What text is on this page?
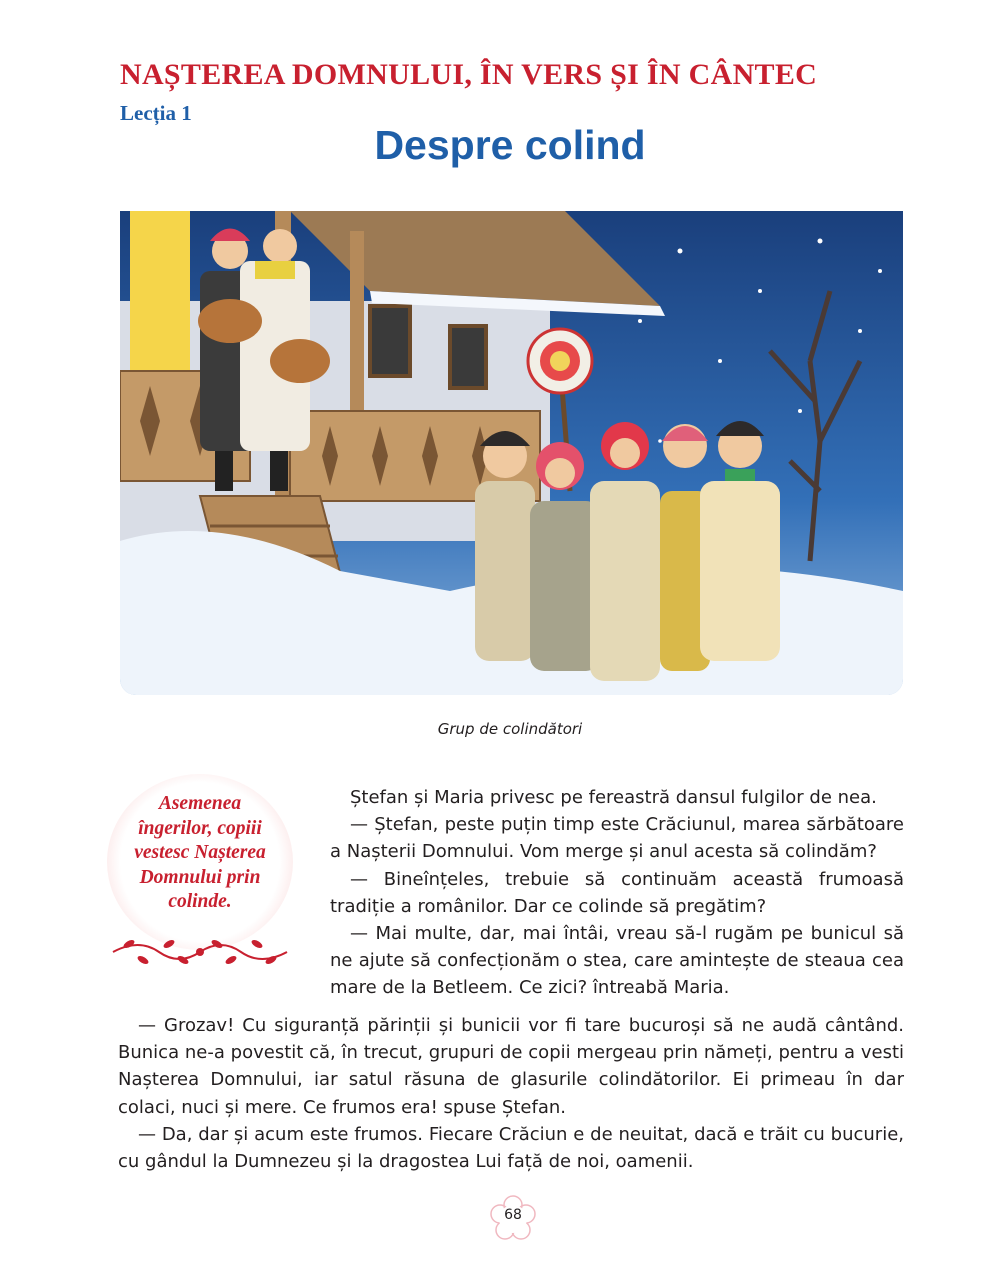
NAȘTEREA DOMNULUI, ÎN VERS ȘI ÎN CÂNTEC
Lecția 1
Despre colind
Grup de colindători
Asemenea
îngerilor, copiii
vestesc Nașterea
Domnului prin
colinde.

Ștefan și Maria privesc pe fereastră dansul fulgilor de nea.

— Ștefan, peste puțin timp este Crăciunul, marea sărbătoare a Nașterii Domnului. Vom merge și anul acesta să colindăm?

— Bineînțeles, trebuie să continuăm această frumoasă tradiție a românilor. Dar ce colinde să pregătim?

— Mai multe, dar, mai întâi, vreau să-l rugăm pe bunicul să ne ajute să confecționăm o stea, care amintește de steaua cea mare de la Betleem. Ce zici? întreabă Maria.

— Grozav! Cu siguranță părinții și bunicii vor fi tare bucuroși să ne audă cântând. Bunica ne-a povestit că, în trecut, grupuri de copii mergeau prin nămeți, pentru a vesti Nașterea Domnului, iar satul răsuna de glasurile colindătorilor. Ei primeau în dar colaci, nuci și mere. Ce frumos era! spuse Ștefan.

— Da, dar și acum este frumos. Fiecare Crăciun e de neuitat, dacă e trăit cu bucurie, cu gândul la Dumnezeu și la dragostea Lui față de noi, oamenii.

68
